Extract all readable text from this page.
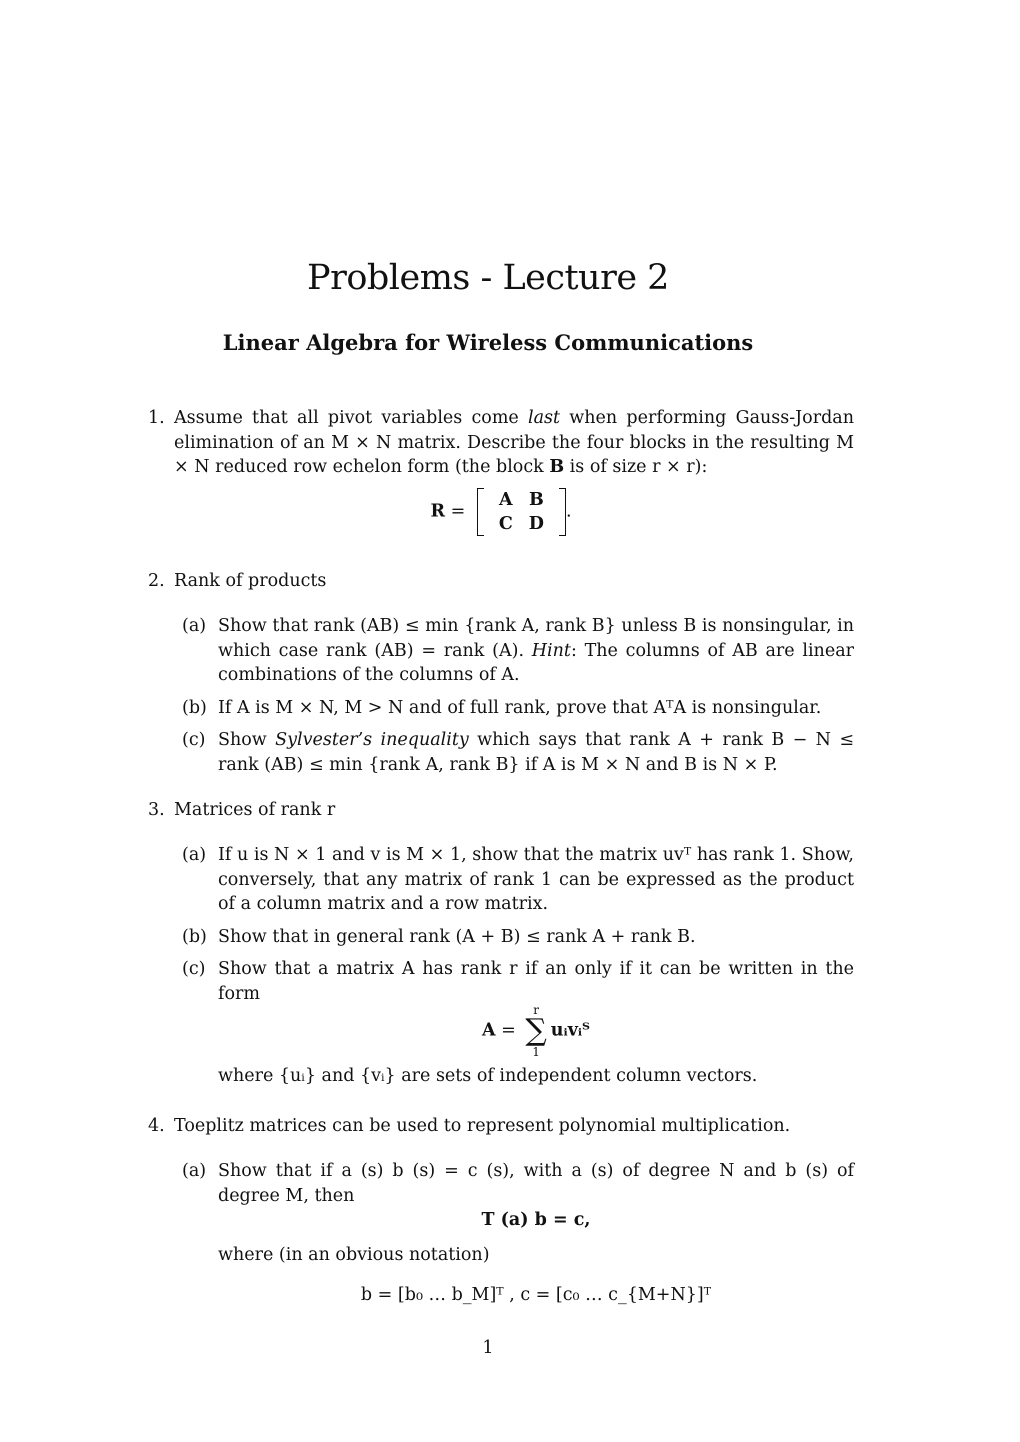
Problems - Lecture 2
Linear Algebra for Wireless Communications
1. Assume that all pivot variables come last when performing Gauss-Jordan elimination of an M × N matrix. Describe the four blocks in the resulting M × N reduced row echelon form (the block B is of size r × r):
R =
A	B
C	D
.
2. Rank of products
(a) Show that rank (AB) ≤ min {rank A, rank B} unless B is nonsingular, in which case rank (AB) = rank (A). Hint: The columns of AB are linear combinations of the columns of A.
(b) If A is M × N, M > N and of full rank, prove that AᵀA is nonsingular.
(c) Show Sylvester’s inequality which says that rank A + rank B − N ≤ rank (AB) ≤ min {rank A, rank B} if A is M × N and B is N × P.
3. Matrices of rank r
(a) If u is N × 1 and v is M × 1, show that the matrix uvᵀ has rank 1. Show, conversely, that any matrix of rank 1 can be expressed as the product of a column matrix and a row matrix.
(b) Show that in general rank (A + B) ≤ rank A + rank B.
(c) Show that a matrix A has rank r if an only if it can be written in the form
A =
r
∑
1
uᵢvᵢᵀ
where {uᵢ} and {vᵢ} are sets of independent column vectors.
4. Toeplitz matrices can be used to represent polynomial multiplication.
(a) Show that if a (s) b (s) = c (s), with a (s) of degree N and b (s) of degree M, then
T (a) b = c,
where (in an obvious notation)
b = [b₀ … b_M]ᵀ , c = [c₀ … c_{M+N}]ᵀ
1
